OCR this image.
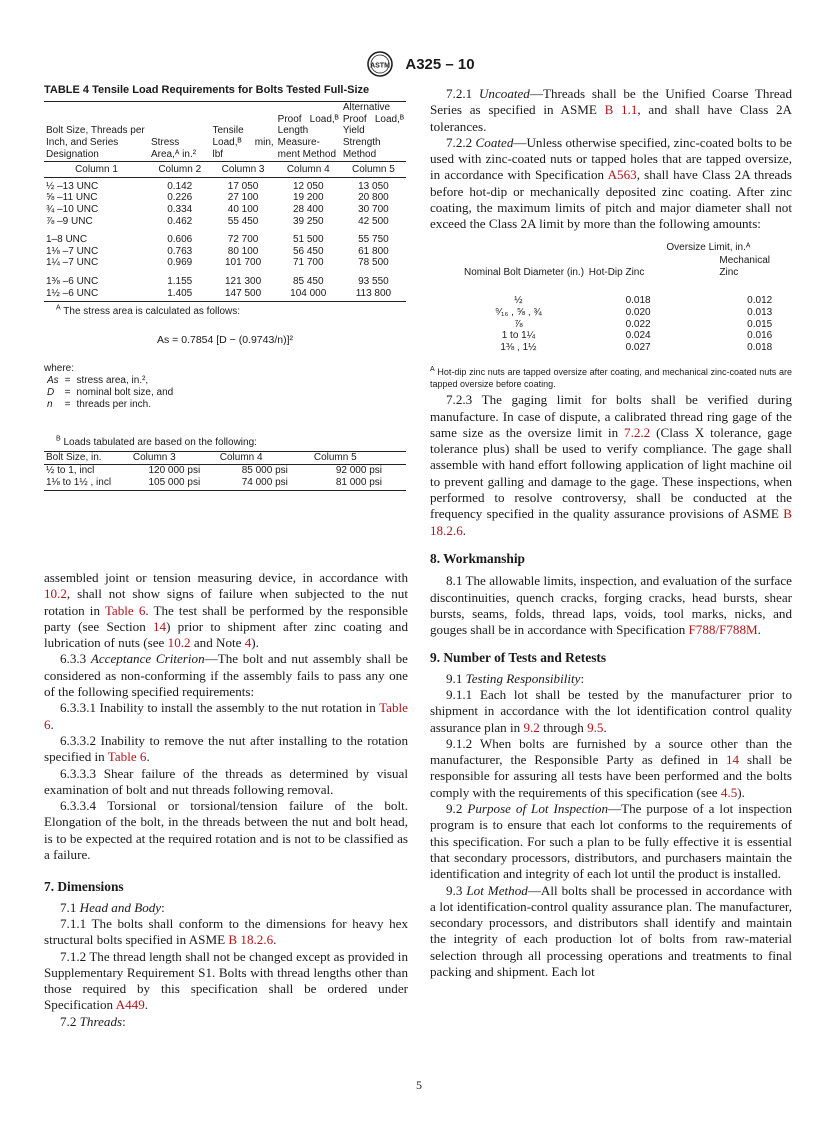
ASTM A325 – 10
TABLE 4 Tensile Load Requirements for Bolts Tested Full-Size
Bolt Size, Threads per Inch, and Series Designation	Stress Area,ᴬ in.²	Tensile Load,ᴮ min, lbf	Proof Load,ᴮ Length Measure-ment Method	Alternative Proof Load,ᴮ Yield Strength Method
Column 1	Column 2	Column 3	Column 4	Column 5

½ –13 UNC	0.142	17 050	12 050	13 050
⅝ –11 UNC	0.226	27 100	19 200	20 800
¾ –10 UNC	0.334	40 100	28 400	30 700
⅞ –9 UNC	0.462	55 450	39 250	42 500

1–8 UNC	0.606	72 700	51 500	55 750
1⅛ –7 UNC	0.763	80 100	56 450	61 800
1¼ –7 UNC	0.969	101 700	71 700	78 500

1⅜ –6 UNC	1.155	121 300	85 450	93 550
1½ –6 UNC	1.405	147 500	104 000	113 800
$^A$ The stress area is calculated as follows:
As = 0.7854 [D − (0.9743/n)]²
where:
As	=	stress area, in.²,
D	=	nominal bolt size, and
n	=	threads per inch.
$^B$ Loads tabulated are based on the following:
Bolt Size, in.	Column 3	Column 4	Column 5
½ to 1, incl	120 000 psi	85 000 psi	92 000 psi
1⅛ to 1½ , incl	105 000 psi	74 000 psi	81 000 psi

assembled joint or tension measuring device, in accordance with 10.2, shall not show signs of failure when subjected to the nut rotation in Table 6. The test shall be performed by the responsible party (see Section 14) prior to shipment after zinc coating and lubrication of nuts (see 10.2 and Note 4).

6.3.3 Acceptance Criterion—The bolt and nut assembly shall be considered as non-conforming if the assembly fails to pass any one of the following specified requirements:

6.3.3.1 Inability to install the assembly to the nut rotation in Table 6.

6.3.3.2 Inability to remove the nut after installing to the rotation specified in Table 6.

6.3.3.3 Shear failure of the threads as determined by visual examination of bolt and nut threads following removal.

6.3.3.4 Torsional or torsional/tension failure of the bolt. Elongation of the bolt, in the threads between the nut and bolt head, is to be expected at the required rotation and is not to be classified as a failure.

7. Dimensions

7.1 Head and Body:

7.1.1 The bolts shall conform to the dimensions for heavy hex structural bolts specified in ASME B 18.2.6.

7.1.2 The thread length shall not be changed except as provided in Supplementary Requirement S1. Bolts with thread lengths other than those required by this specification shall be ordered under Specification A449.

7.2 Threads:

7.2.1 Uncoated—Threads shall be the Unified Coarse Thread Series as specified in ASME B 1.1, and shall have Class 2A tolerances.

7.2.2 Coated—Unless otherwise specified, zinc-coated bolts to be used with zinc-coated nuts or tapped holes that are tapped oversize, in accordance with Specification A563, shall have Class 2A threads before hot-dip or mechanically deposited zinc coating. After zinc coating, the maximum limits of pitch and major diameter shall not exceed the Class 2A limit by more than the following amounts:

Nominal Bolt Diameter (in.)	Oversize Limit, in.ᴬ	
	Hot-Dip Zinc	Mechanical Zinc

½	0.018	0.012
⁹⁄₁₆ , ⅝ , ¾	0.020	0.013
⅞	0.022	0.015
1 to 1¼	0.024	0.016
1⅜ , 1½	0.027	0.018
$^A$ Hot-dip zinc nuts are tapped oversize after coating, and mechanical zinc-coated nuts are tapped oversize before coating.

7.2.3 The gaging limit for bolts shall be verified during manufacture. In case of dispute, a calibrated thread ring gage of the same size as the oversize limit in 7.2.2 (Class X tolerance, gage tolerance plus) shall be used to verify compliance. The gage shall assemble with hand effort following application of light machine oil to prevent galling and damage to the gage. These inspections, when performed to resolve controversy, shall be conducted at the frequency specified in the quality assurance provisions of ASME B 18.2.6.

8. Workmanship

8.1 The allowable limits, inspection, and evaluation of the surface discontinuities, quench cracks, forging cracks, head bursts, shear bursts, seams, folds, thread laps, voids, tool marks, nicks, and gouges shall be in accordance with Specification F788/F788M.

9. Number of Tests and Retests

9.1 Testing Responsibility:

9.1.1 Each lot shall be tested by the manufacturer prior to shipment in accordance with the lot identification control quality assurance plan in 9.2 through 9.5.

9.1.2 When bolts are furnished by a source other than the manufacturer, the Responsible Party as defined in 14 shall be responsible for assuring all tests have been performed and the bolts comply with the requirements of this specification (see 4.5).

9.2 Purpose of Lot Inspection—The purpose of a lot inspection program is to ensure that each lot conforms to the requirements of this specification. For such a plan to be fully effective it is essential that secondary processors, distributors, and purchasers maintain the identification and integrity of each lot until the product is installed.

9.3 Lot Method—All bolts shall be processed in accordance with a lot identification-control quality assurance plan. The manufacturer, secondary processors, and distributors shall identify and maintain the integrity of each production lot of bolts from raw-material selection through all processing operations and treatments to final packing and shipment. Each lot

5
